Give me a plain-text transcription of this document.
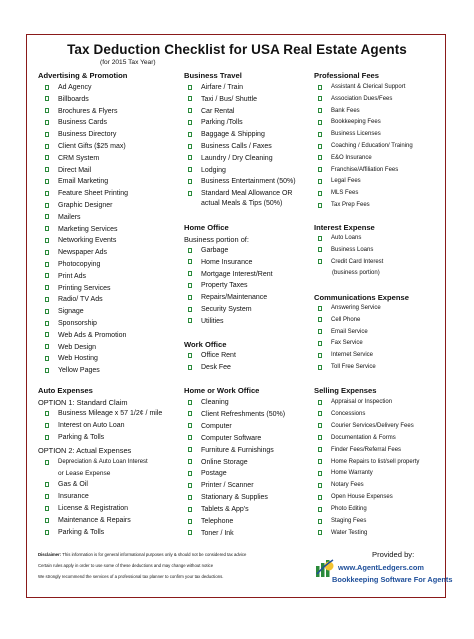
Tax Deduction Checklist for USA Real Estate Agents
(for 2015 Tax Year)
Advertising & Promotion
Ad Agency
Billboards
Brochures & Flyers
Business Cards
Business Directory
Client Gifts ($25 max)
CRM System
Direct Mail
Email Marketing
Feature Sheet Printing
Graphic Designer
Mailers
Marketing Services
Networking Events
Newspaper Ads
Photocopying
Print Ads
Printing Services
Radio/ TV Ads
Signage
Sponsorship
Web Ads & Promotion
Web Design
Web Hosting
Yellow Pages
Auto Expenses
OPTION 1: Standard Claim
Business Mileage x 57 1/2¢ / mile
Interest on Auto Loan
Parking & Tolls
OPTION 2: Actual Expenses
Depreciation & Auto Loan Interest
or Lease Expense
Gas & Oil
Insurance
License & Registration
Maintenance & Repairs
Parking & Tolls
Business Travel
Airfare / Train
Taxi / Bus/ Shuttle
Car Rental
Parking /Tolls
Baggage & Shipping
Business Calls / Faxes
Laundry / Dry Cleaning
Lodging
Business Entertainment (50%)
Standard Meal Allowance OR
actual Meals & Tips (50%)
Home Office
Business portion of:
Garbage
Home Insurance
Mortgage Interest/Rent
Property Taxes
Repairs/Maintenance
Security System
Utilities
Work Office
Office Rent
Desk Fee
Home or Work Office
Cleaning
Client Refreshments (50%)
Computer
Computer Software
Furniture & Furnishings
Online Storage
Postage
Printer / Scanner
Stationary & Supplies
Tablets & App's
Telephone
Toner / Ink
Professional Fees
Assistant & Clerical Support
Association Dues/Fees
Bank Fees
Bookkeeping Fees
Business Licenses
Coaching / Education/ Training
E&O Insurance
Franchise/Affiliation Fees
Legal Fees
MLS Fees
Tax Prep Fees
Interest Expense
Auto Loans
Business Loans
Credit Card Interest
(business portion)
Communications Expense
Answering Service
Cell Phone
Email Service
Fax Service
Internet Service
Toll Free Service
Selling Expenses
Appraisal or Inspection
Concessions
Courier Services/Delivery Fees
Documentation & Forms
Finder Fees/Referral Fees
Home Repairs to list/sell property
Home Warranty
Notary Fees
Open House Expenses
Photo Editing
Staging Fees
Water Testing
Disclaimer: This information is for general informational purposes only & should not be considered tax advice
Certain rules apply in order to use some of these deductions and may change without notice
We strongly recommend the services of a professional tax planner to confirm your tax deductions.
Provided by:
www.AgentLedgers.com
Bookkeeping Software For Agents
